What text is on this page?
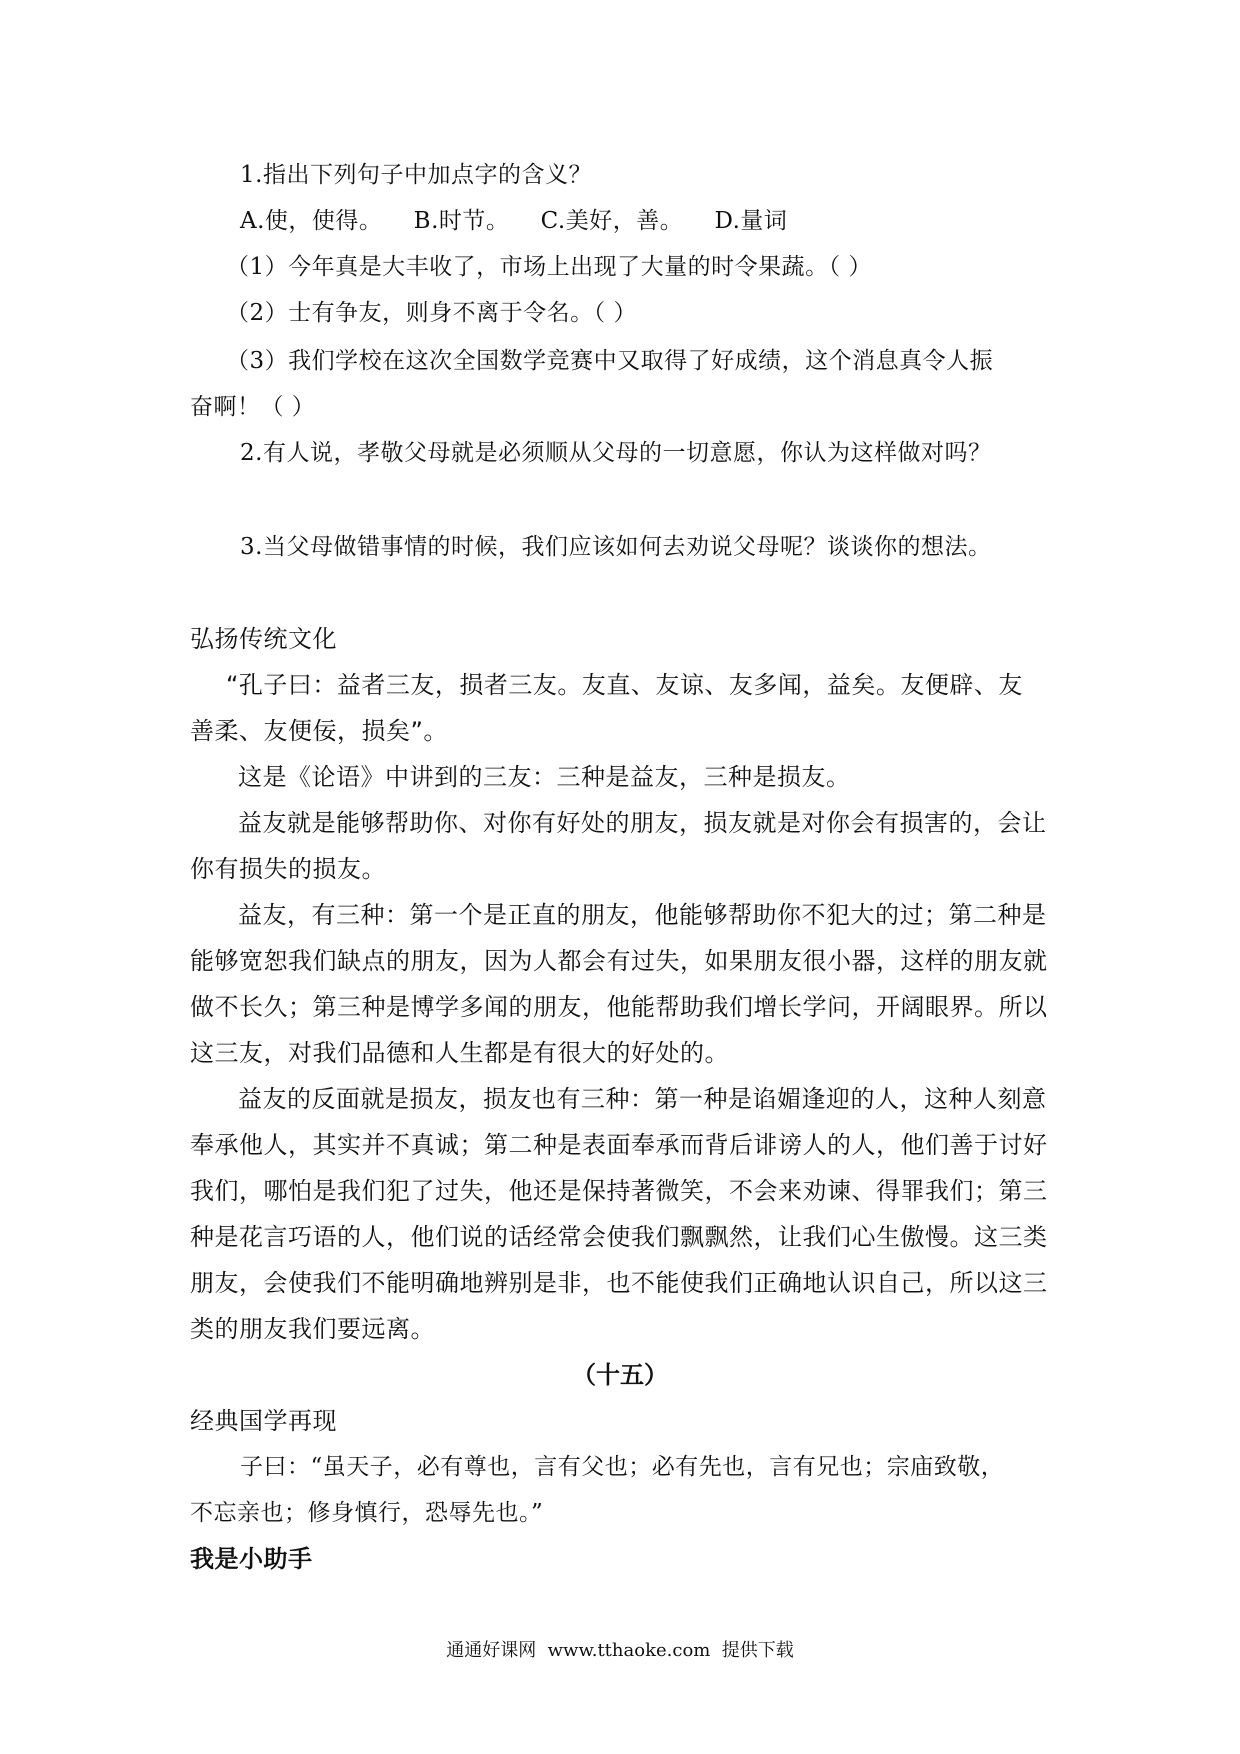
1.指出下列句子中加点字的含义？
A.使，使得。    B.时节。    C.美好，善。    D.量词
（1）今年真是大丰收了，市场上出现了大量的时令果蔬。（ ）
（2）士有争友，则身不离于令名。（ ）
（3）我们学校在这次全国数学竞赛中又取得了好成绩，这个消息真令人振
奋啊！（ ）
2.有人说，孝敬父母就是必须顺从父母的一切意愿，你认为这样做对吗？
3.当父母做错事情的时候，我们应该如何去劝说父母呢？谈谈你的想法。
弘扬传统文化
“孔子曰：益者三友，损者三友。友直、友谅、友多闻，益矣。友便辟、友
善柔、友便佞，损矣”。
这是《论语》中讲到的三友：三种是益友，三种是损友。
益友就是能够帮助你、对你有好处的朋友，损友就是对你会有损害的，会让
你有损失的损友。
益友，有三种：第一个是正直的朋友，他能够帮助你不犯大的过；第二种是
能够宽恕我们缺点的朋友，因为人都会有过失，如果朋友很小器，这样的朋友就
做不长久；第三种是博学多闻的朋友，他能帮助我们增长学问，开阔眼界。所以
这三友，对我们品德和人生都是有很大的好处的。
益友的反面就是损友，损友也有三种：第一种是谄媚逢迎的人，这种人刻意
奉承他人，其实并不真诚；第二种是表面奉承而背后诽谤人的人，他们善于讨好
我们，哪怕是我们犯了过失，他还是保持著微笑，不会来劝谏、得罪我们；第三
种是花言巧语的人，他们说的话经常会使我们飘飘然，让我们心生傲慢。这三类
朋友，会使我们不能明确地辨别是非，也不能使我们正确地认识自己，所以这三
类的朋友我们要远离。
（十五）
经典国学再现
子曰：“虽天子，必有尊也，言有父也；必有先也，言有兄也；宗庙致敬，
不忘亲也；修身慎行，恐辱先也。”
我是小助手
通通好课网  www.tthaoke.com  提供下载
